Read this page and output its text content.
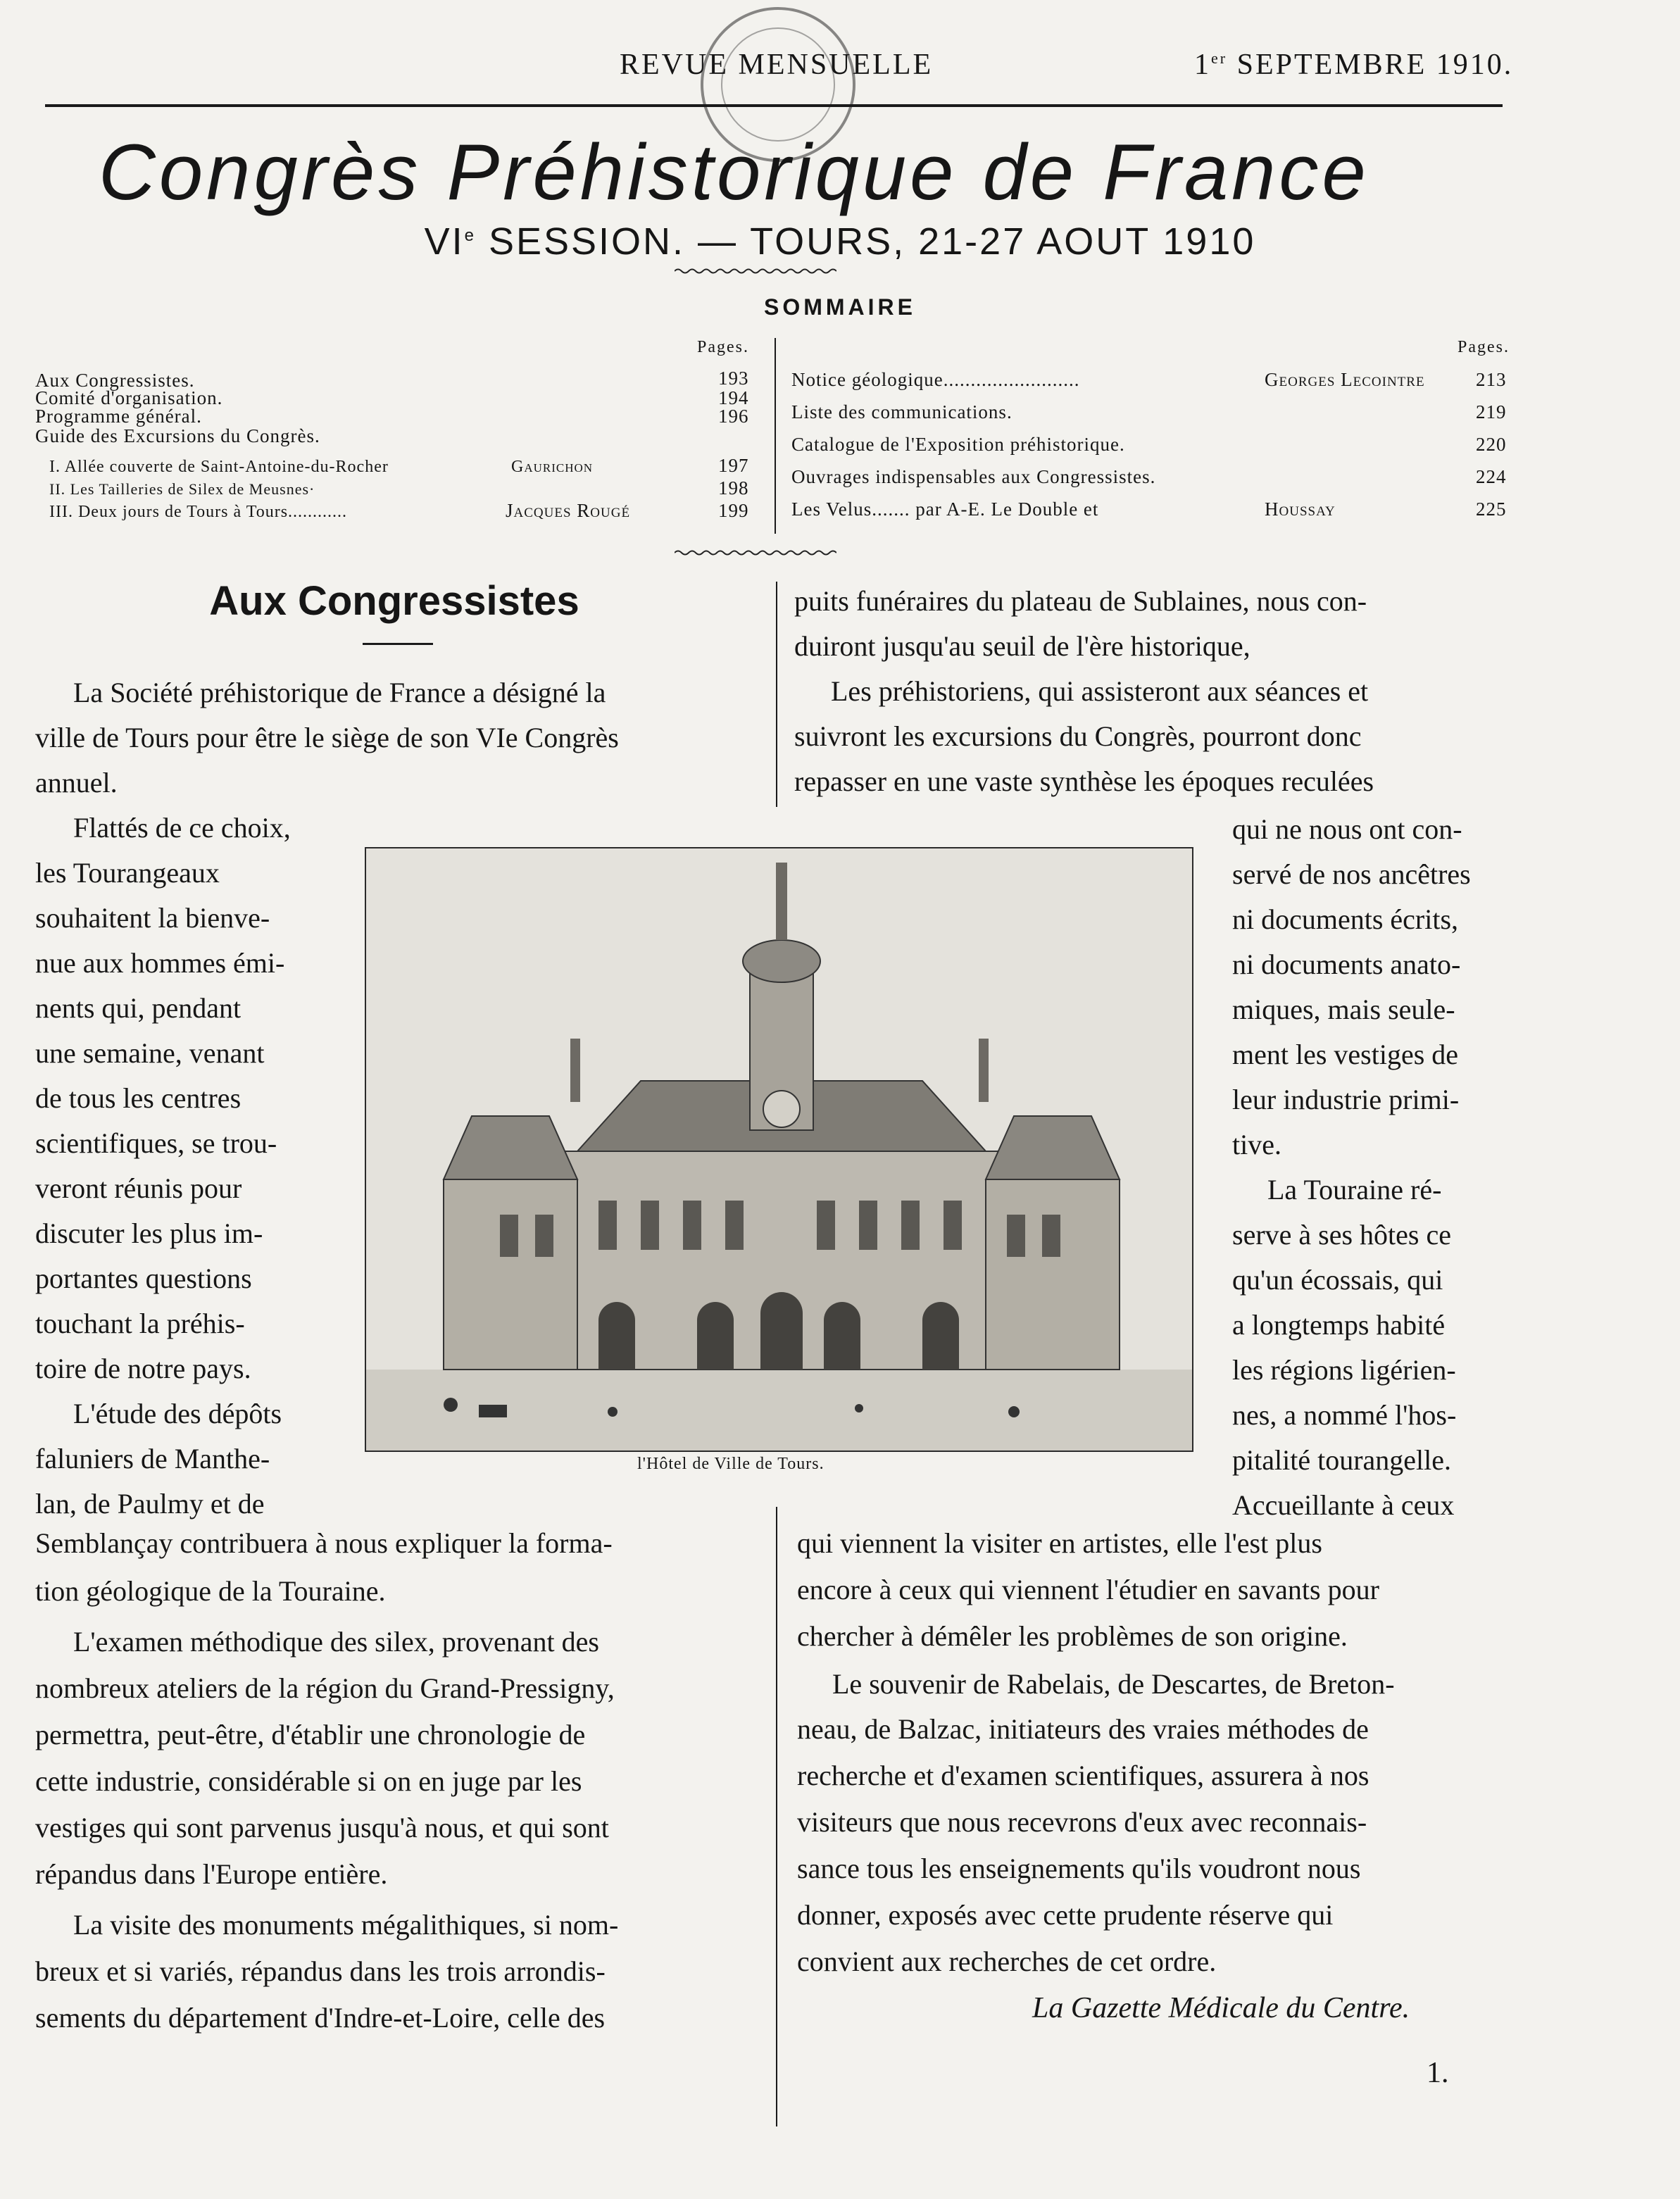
REVUE MENSUELLE	1er SEPTEMBRE 1910.
Congrès Préhistorique de France
VIe SESSION. — TOURS, 21-27 AOUT 1910
SOMMAIRE
Pages.
Aux Congressistes.	193
Comité d'organisation.	194
Programme général.	196
Guide des Excursions du Congrès.
I. Allée couverte de Saint-Antoine-du-Rocher	Gaurichon	197
II. Les Tailleries de Silex de Meusnes·	198
III. Deux jours de Tours à Tours............	Jacques Rougé	199
Pages.
Notice géologique.........................	Georges Lecointre	213
Liste des communications.	219
Catalogue de l'Exposition préhistorique.	220
Ouvrages indispensables aux Congressistes.	224
Les Velus....... par A-E. Le Double et	Houssay	225
Aux Congressistes
La Société préhistorique de France a désigné la
ville de Tours pour être le siège de son VIe Congrès
annuel.
Flattés de ce choix,
les Tourangeaux
souhaitent la bienve-
nue aux hommes émi-
nents qui, pendant
une semaine, venant
de tous les centres
scientifiques, se trou-
veront réunis pour
discuter les plus im-
portantes questions
touchant la préhis-
toire de notre pays.
L'étude des dépôts
faluniers de Manthe-
lan, de Paulmy et de
Semblançay contribuera à nous expliquer la forma-
tion géologique de la Touraine.
L'examen méthodique des silex, provenant des
nombreux ateliers de la région du Grand-Pressigny,
permettra, peut-être, d'établir une chronologie de
cette industrie, considérable si on en juge par les
vestiges qui sont parvenus jusqu'à nous, et qui sont
répandus dans l'Europe entière.
La visite des monuments mégalithiques, si nom-
breux et si variés, répandus dans les trois arrondis-
sements du département d'Indre-et-Loire, celle des
puits funéraires du plateau de Sublaines, nous con-
duiront jusqu'au seuil de l'ère historique,
Les préhistoriens, qui assisteront aux séances et
suivront les excursions du Congrès, pourront donc
repasser en une vaste synthèse les époques reculées
qui ne nous ont con-
servé de nos ancêtres
ni documents écrits,
ni documents anato-
miques, mais seule-
ment les vestiges de
leur industrie primi-
tive.
La Touraine ré-
serve à ses hôtes ce
qu'un écossais, qui
a longtemps habité
les régions ligérien-
nes, a nommé l'hos-
pitalité tourangelle.
Accueillante à ceux
qui viennent la visiter en artistes, elle l'est plus
encore à ceux qui viennent l'étudier en savants pour
chercher à démêler les problèmes de son origine.
Le souvenir de Rabelais, de Descartes, de Breton-
neau, de Balzac, initiateurs des vraies méthodes de
recherche et d'examen scientifiques, assurera à nos
visiteurs que nous recevrons d'eux avec reconnais-
sance tous les enseignements qu'ils voudront nous
donner, exposés avec cette prudente réserve qui
convient aux recherches de cet ordre.
l'Hôtel de Ville de Tours.
La Gazette Médicale du Centre.
1.
